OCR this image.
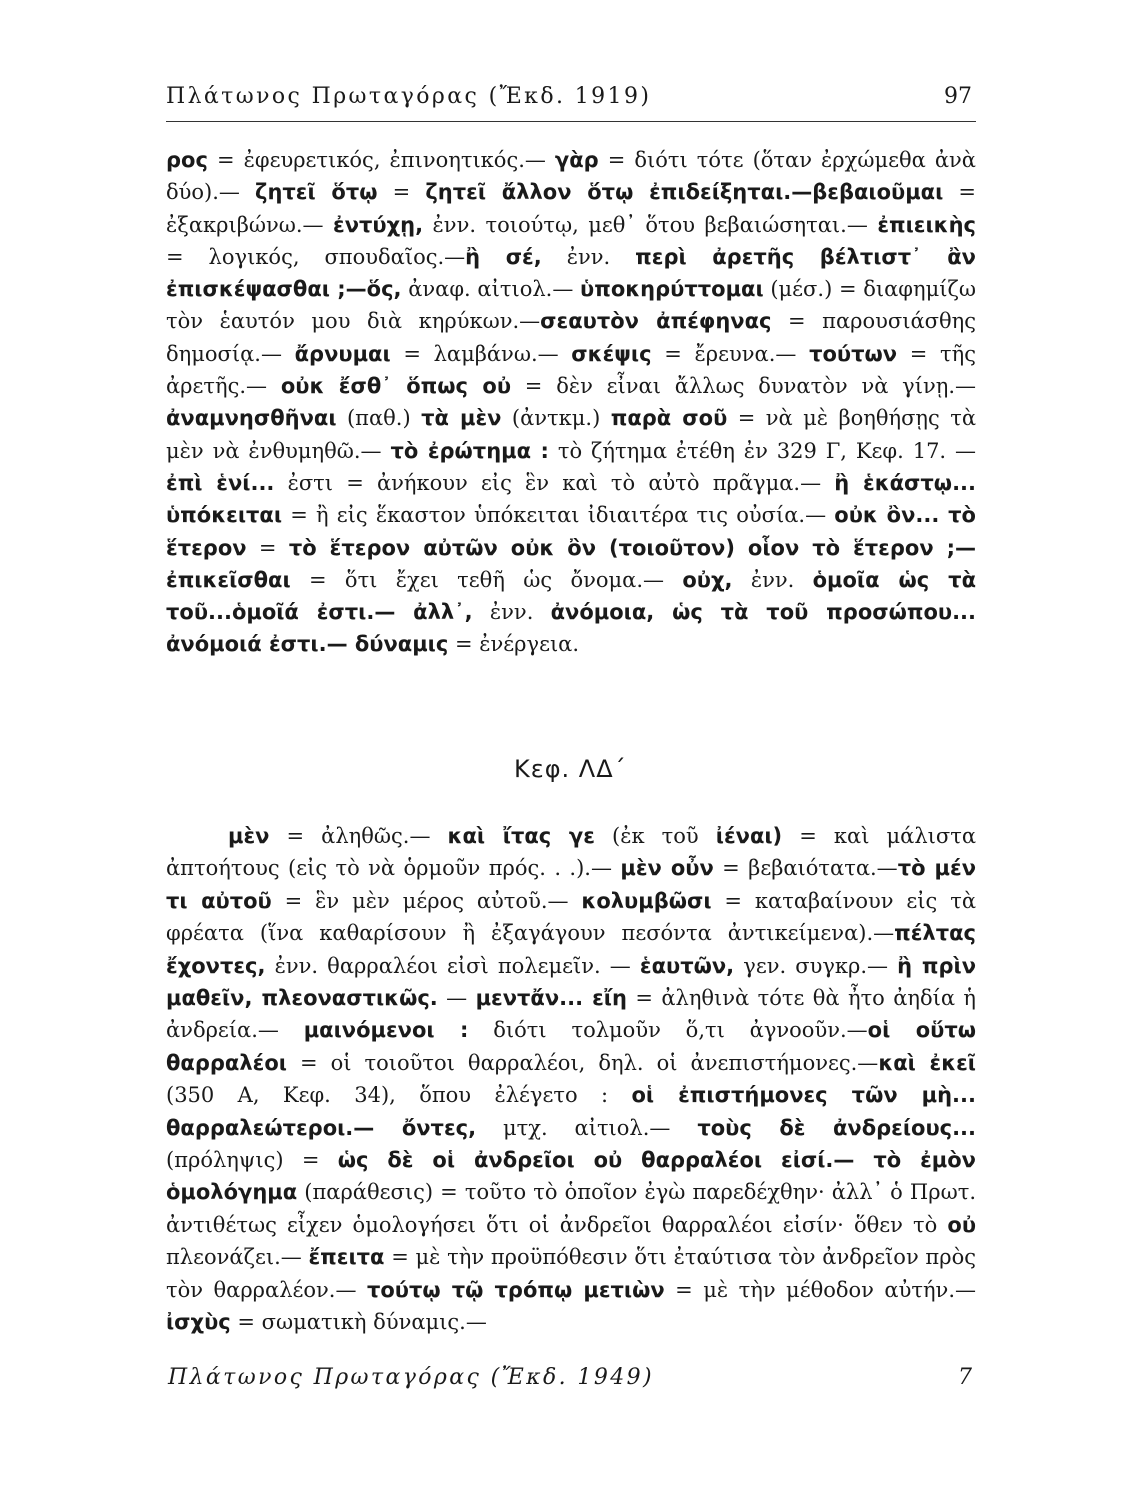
Πλάτωνος Πρωταγόρας (Ἔκδ. 1919)	97

ρος = ἐφευρετικός, ἐπινοητικός.— γὰρ = διότι τότε (ὅταν ἐρχώμεθα ἀνὰ δύο).— ζητεῖ ὅτῳ = ζητεῖ ἄλλον ὅτῳ ἐπιδείξηται.—βεβαιοῦμαι = ἐξακριβώνω.— ἐντύχῃ, ἐνν. τοιούτῳ, μεθ᾽ ὅτου βεβαιώσηται.— ἐπιεικὴς = λογικός, σπουδαῖος.—ἢ σέ, ἐνν. περὶ ἀρετῆς βέλτιστ᾽ ἂν ἐπισκέψασθαι ;—ὅς, ἀναφ. αἰτιολ.— ὑποκηρύττομαι (μέσ.) = διαφημίζω τὸν ἑαυτόν μου διὰ κηρύκων.—σεαυτὸν ἀπέφηνας = παρουσιάσθης δημοσίᾳ.— ἄρνυμαι = λαμβάνω.— σκέψις = ἔρευνα.— τούτων = τῆς ἀρετῆς.— οὐκ ἔσθ᾽ ὅπως οὐ = δὲν εἶναι ἄλλως δυνατὸν νὰ γίνῃ.— ἀναμνησθῆναι (παθ.) τὰ μὲν (ἀντκμ.) παρὰ σοῦ = νὰ μὲ βοηθήσῃς τὰ μὲν νὰ ἐνθυμηθῶ.— τὸ ἐρώτημα : τὸ ζήτημα ἐτέθη ἐν 329 Γ, Κεφ. 17. — ἐπὶ ἑνί... ἐστι = ἀνήκουν εἰς ἓν καὶ τὸ αὐτὸ πρᾶγμα.— ἢ ἑκάστῳ... ὑπόκειται = ἢ εἰς ἕκαστον ὑπόκειται ἰδιαιτέρα τις οὐσία.— οὐκ ὂν... τὸ ἕτερον = τὸ ἕτερον αὐτῶν οὐκ ὂν (τοιοῦτον) οἷον τὸ ἕτερον ;— ἐπικεῖσθαι = ὅτι ἔχει τεθῆ ὡς ὄνομα.— οὐχ, ἐνν. ὁμοῖα ὡς τὰ τοῦ...ὁμοῖά ἐστι.— ἀλλ᾽, ἐνν. ἀνόμοια, ὡς τὰ τοῦ προσώπου... ἀνόμοιά ἐστι.— δύναμις = ἐνέργεια.

Κεφ. ΛΔ΄

μὲν = ἀληθῶς.— καὶ ἴτας γε (ἐκ τοῦ ἰέναι) = καὶ μάλιστα ἀπτοήτους (εἰς τὸ νὰ ὁρμοῦν πρός. . .).— μὲν οὖν = βεβαιότατα.—τὸ μέν τι αὐτοῦ = ἓν μὲν μέρος αὐτοῦ.— κολυμβῶσι = καταβαίνουν εἰς τὰ φρέατα (ἵνα καθαρίσουν ἢ ἐξαγάγουν πεσόντα ἀντικείμενα).—πέλτας ἔχοντες, ἐνν. θαρραλέοι εἰσὶ πολεμεῖν. — ἑαυτῶν, γεν. συγκρ.— ἢ πρὶν μαθεῖν, πλεοναστικῶς. — μεντἄν... εἴη = ἀληθινὰ τότε θὰ ἦτο ἀηδία ἡ ἀνδρεία.— μαινόμενοι : διότι τολμοῦν ὅ,τι ἀγνοοῦν.—οἱ οὕτω θαρραλέοι = οἱ τοιοῦτοι θαρραλέοι, δηλ. οἱ ἀνεπιστήμονες.—καὶ ἐκεῖ (350 Α, Κεφ. 34), ὅπου ἐλέγετο : οἱ ἐπιστήμονες τῶν μὴ... θαρραλεώτεροι.— ὄντες, μτχ. αἰτιολ.— τοὺς δὲ ἀνδρείους... (πρόληψις) = ὡς δὲ οἱ ἀνδρεῖοι οὐ θαρραλέοι εἰσί.— τὸ ἐμὸν ὁμολόγημα (παράθεσις) = τοῦτο τὸ ὁποῖον ἐγὼ παρεδέχθην· ἀλλ᾽ ὁ Πρωτ. ἀντιθέτως εἶχεν ὁμολογήσει ὅτι οἱ ἀνδρεῖοι θαρραλέοι εἰσίν· ὅθεν τὸ οὐ πλεονάζει.— ἔπειτα = μὲ τὴν προϋπόθεσιν ὅτι ἐταύτισα τὸν ἀνδρεῖον πρὸς τὸν θαρραλέον.— τούτῳ τῷ τρόπῳ μετιὼν = μὲ τὴν μέθοδον αὐτήν.— ἰσχὺς = σωματικὴ δύναμις.—

Πλάτωνος Πρωταγόρας (Ἔκδ. 1949)	7
